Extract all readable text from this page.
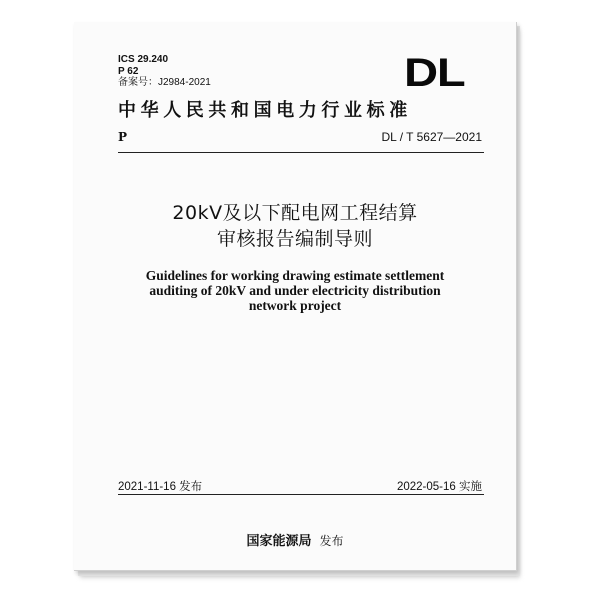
ICS 29.240
P 62
备案号：J2984-2021	DL
中华人民共和国电力行业标准
P	DL / T 5627—2021
20kV及以下配电网工程结算
审核报告编制导则
Guidelines for working drawing estimate settlement
auditing of 20kV and under electricity distribution
network project
2021-11-16 发布	2022-05-16 实施
国家能源局 发布
